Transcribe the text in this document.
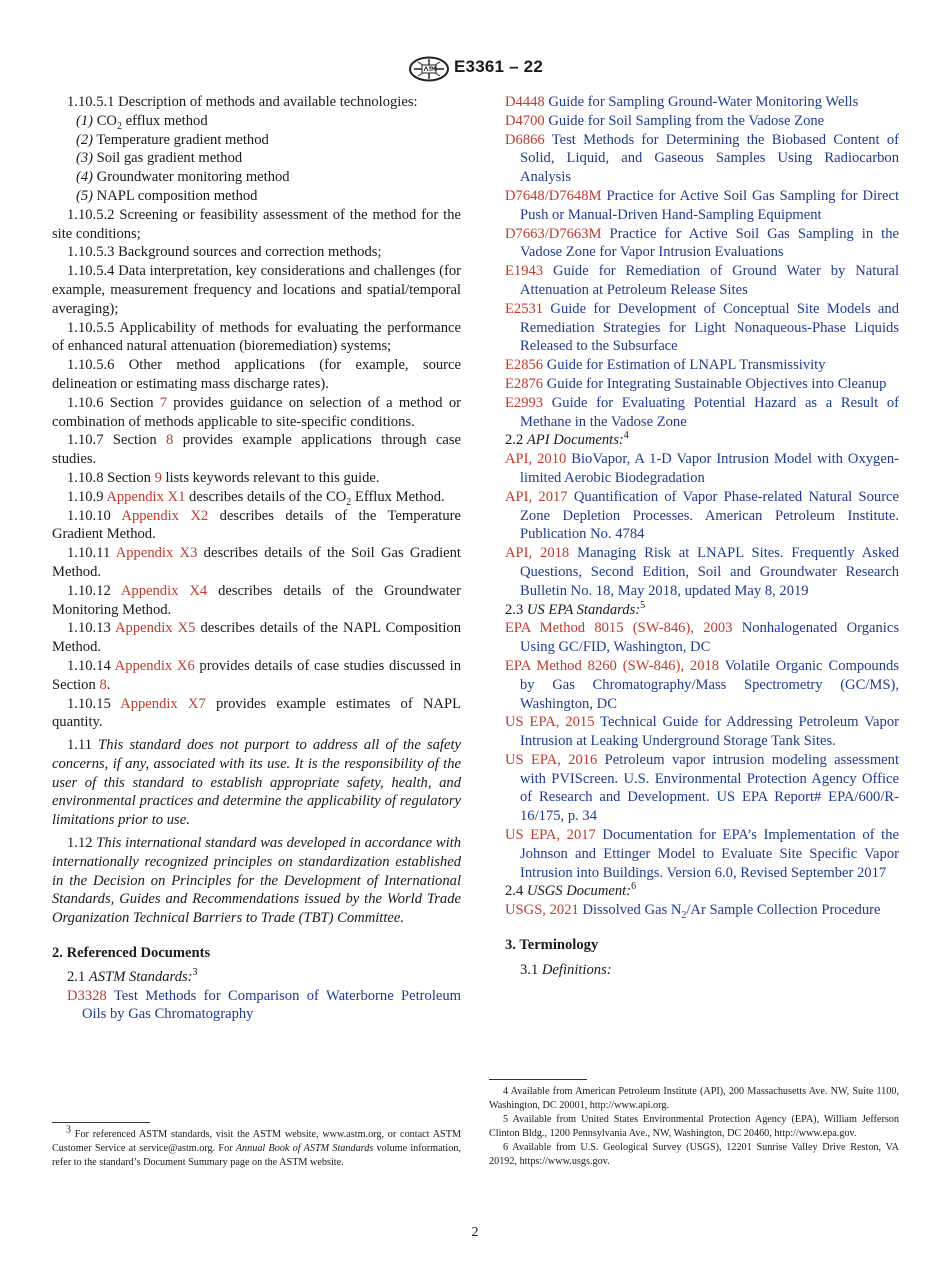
E3361 – 22

1.10.5.1 Description of methods and available technologies:

(1) $CO_2$ efflux method

(2) Temperature gradient method

(3) Soil gas gradient method

(4) Groundwater monitoring method

(5) NAPL composition method

1.10.5.2 Screening or feasibility assessment of the method for the site conditions;

1.10.5.3 Background sources and correction methods;

1.10.5.4 Data interpretation, key considerations and challenges (for example, measurement frequency and locations and spatial/temporal averaging);

1.10.5.5 Applicability of methods for evaluating the performance of enhanced natural attenuation (bioremediation) systems;

1.10.5.6 Other method applications (for example, source delineation or estimating mass discharge rates).

1.10.6 Section 7 provides guidance on selection of a method or combination of methods applicable to site-specific conditions.

1.10.7 Section 8 provides example applications through case studies.

1.10.8 Section 9 lists keywords relevant to this guide.

1.10.9 Appendix X1 describes details of the $CO_2$ Efflux Method.

1.10.10 Appendix X2 describes details of the Temperature Gradient Method.

1.10.11 Appendix X3 describes details of the Soil Gas Gradient Method.

1.10.12 Appendix X4 describes details of the Groundwater Monitoring Method.

1.10.13 Appendix X5 describes details of the NAPL Composition Method.

1.10.14 Appendix X6 provides details of case studies discussed in Section 8.

1.10.15 Appendix X7 provides example estimates of NAPL quantity.

1.11 This standard does not purport to address all of the safety concerns, if any, associated with its use. It is the responsibility of the user of this standard to establish appropriate safety, health, and environmental practices and determine the applicability of regulatory limitations prior to use.

1.12 This international standard was developed in accordance with internationally recognized principles on standardization established in the Decision on Principles for the Development of International Standards, Guides and Recommendations issued by the World Trade Organization Technical Barriers to Trade (TBT) Committee.

2. Referenced Documents

2.1 ASTM Standards:$^3$

D3328 Test Methods for Comparison of Waterborne Petroleum Oils by Gas Chromatography

D4448 Guide for Sampling Ground-Water Monitoring Wells

D4700 Guide for Soil Sampling from the Vadose Zone

D6866 Test Methods for Determining the Biobased Content of Solid, Liquid, and Gaseous Samples Using Radiocarbon Analysis

D7648/D7648M Practice for Active Soil Gas Sampling for Direct Push or Manual-Driven Hand-Sampling Equipment

D7663/D7663M Practice for Active Soil Gas Sampling in the Vadose Zone for Vapor Intrusion Evaluations

E1943 Guide for Remediation of Ground Water by Natural Attenuation at Petroleum Release Sites

E2531 Guide for Development of Conceptual Site Models and Remediation Strategies for Light Nonaqueous-Phase Liquids Released to the Subsurface

E2856 Guide for Estimation of LNAPL Transmissivity

E2876 Guide for Integrating Sustainable Objectives into Cleanup

E2993 Guide for Evaluating Potential Hazard as a Result of Methane in the Vadose Zone

2.2 API Documents:$^4$

API, 2010 BioVapor, A 1-D Vapor Intrusion Model with Oxygen-limited Aerobic Biodegradation

API, 2017 Quantification of Vapor Phase-related Natural Source Zone Depletion Processes. American Petroleum Institute. Publication No. 4784

API, 2018 Managing Risk at LNAPL Sites. Frequently Asked Questions, Second Edition, Soil and Groundwater Research Bulletin No. 18, May 2018, updated May 8, 2019

2.3 US EPA Standards:$^5$

EPA Method 8015 (SW-846), 2003 Nonhalogenated Organics Using GC/FID, Washington, DC

EPA Method 8260 (SW-846), 2018 Volatile Organic Compounds by Gas Chromatography/Mass Spectrometry (GC/MS), Washington, DC

US EPA, 2015 Technical Guide for Addressing Petroleum Vapor Intrusion at Leaking Underground Storage Tank Sites.

US EPA, 2016 Petroleum vapor intrusion modeling assessment with PVIScreen. U.S. Environmental Protection Agency Office of Research and Development. US EPA Report# EPA/600/R-16/175, p. 34

US EPA, 2017 Documentation for EPA’s Implementation of the Johnson and Ettinger Model to Evaluate Site Specific Vapor Intrusion into Buildings. Version 6.0, Revised September 2017

2.4 USGS Document:$^6$

USGS, 2021 Dissolved Gas $N_2/Ar$ Sample Collection Procedure

3. Terminology

3.1 Definitions:

$^3$ For referenced ASTM standards, visit the ASTM website, www.astm.org, or contact ASTM Customer Service at service@astm.org. For Annual Book of ASTM Standards volume information, refer to the standard’s Document Summary page on the ASTM website.

4 Available from American Petroleum Institute (API), 200 Massachusetts Ave. NW, Suite 1100, Washington, DC 20001, http://www.api.org.

5 Available from United States Environmental Protection Agency (EPA), William Jefferson Clinton Bldg., 1200 Pennsylvania Ave., NW, Washington, DC 20460, http://www.epa.gov.

6 Available from U.S. Geological Survey (USGS), 12201 Sunrise Valley Drive Reston, VA 20192, https://www.usgs.gov.

2
